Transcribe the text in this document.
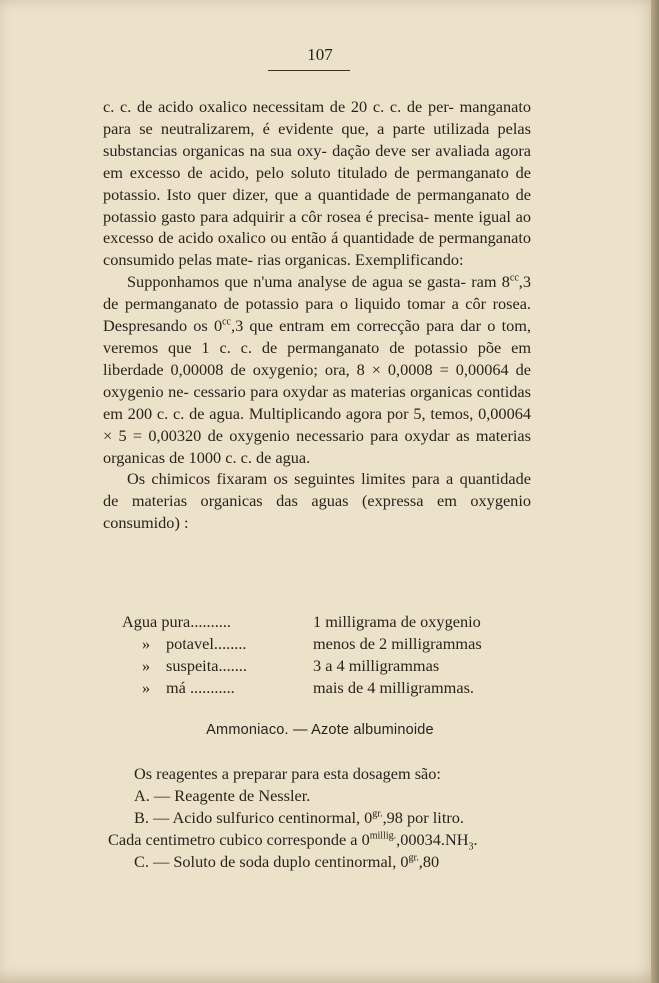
107

c. c. de acido oxalico necessitam de 20 c. c. de per- manganato para se neutralizarem, é evidente que, a parte utilizada pelas substancias organicas na sua oxy- dação deve ser avaliada agora em excesso de acido, pelo soluto titulado de permanganato de potassio. Isto quer dizer, que a quantidade de permanganato de potassio gasto para adquirir a côr rosea é precisa- mente igual ao excesso de acido oxalico ou então á quantidade de permanganato consumido pelas mate- rias organicas. Exemplificando:

Supponhamos que n'uma analyse de agua se gasta- ram $8^{cc},3$ de permanganato de potassio para o liquido tomar a côr rosea. Despresando os $0^{cc},3$ que entram em correcção para dar o tom, veremos que 1 c. c. de permanganato de potassio põe em liberdade 0,00008 de oxygenio; ora, 8 × 0,0008 = 0,00064 de oxygenio ne- cessario para oxydar as materias organicas contidas em 200 c. c. de agua. Multiplicando agora por 5, temos, 0,00064 × 5 = 0,00320 de oxygenio necessario para oxydar as materias organicas de 1000 c. c. de agua.

Os chimicos fixaram os seguintes limites para a quantidade de materias organicas das aguas (expressa em oxygenio consumido) :

Agua pura..........	1 milligrama de oxygenio
» potavel........	menos de 2 milligrammas
» suspeita.......	3 a 4 milligrammas
» má ...........	mais de 4 milligrammas.
Ammoniaco. — Azote albuminoide
Os reagentes a preparar para esta dosagem são:
A. — Reagente de Nessler.
B. — Acido sulfurico centinormal, $0^{gr.},98$ por litro.
Cada centimetro cubico corresponde a $0^{millig.},00034.NH_3$.
C. — Soluto de soda duplo centinormal, $0^{gr.},80$
